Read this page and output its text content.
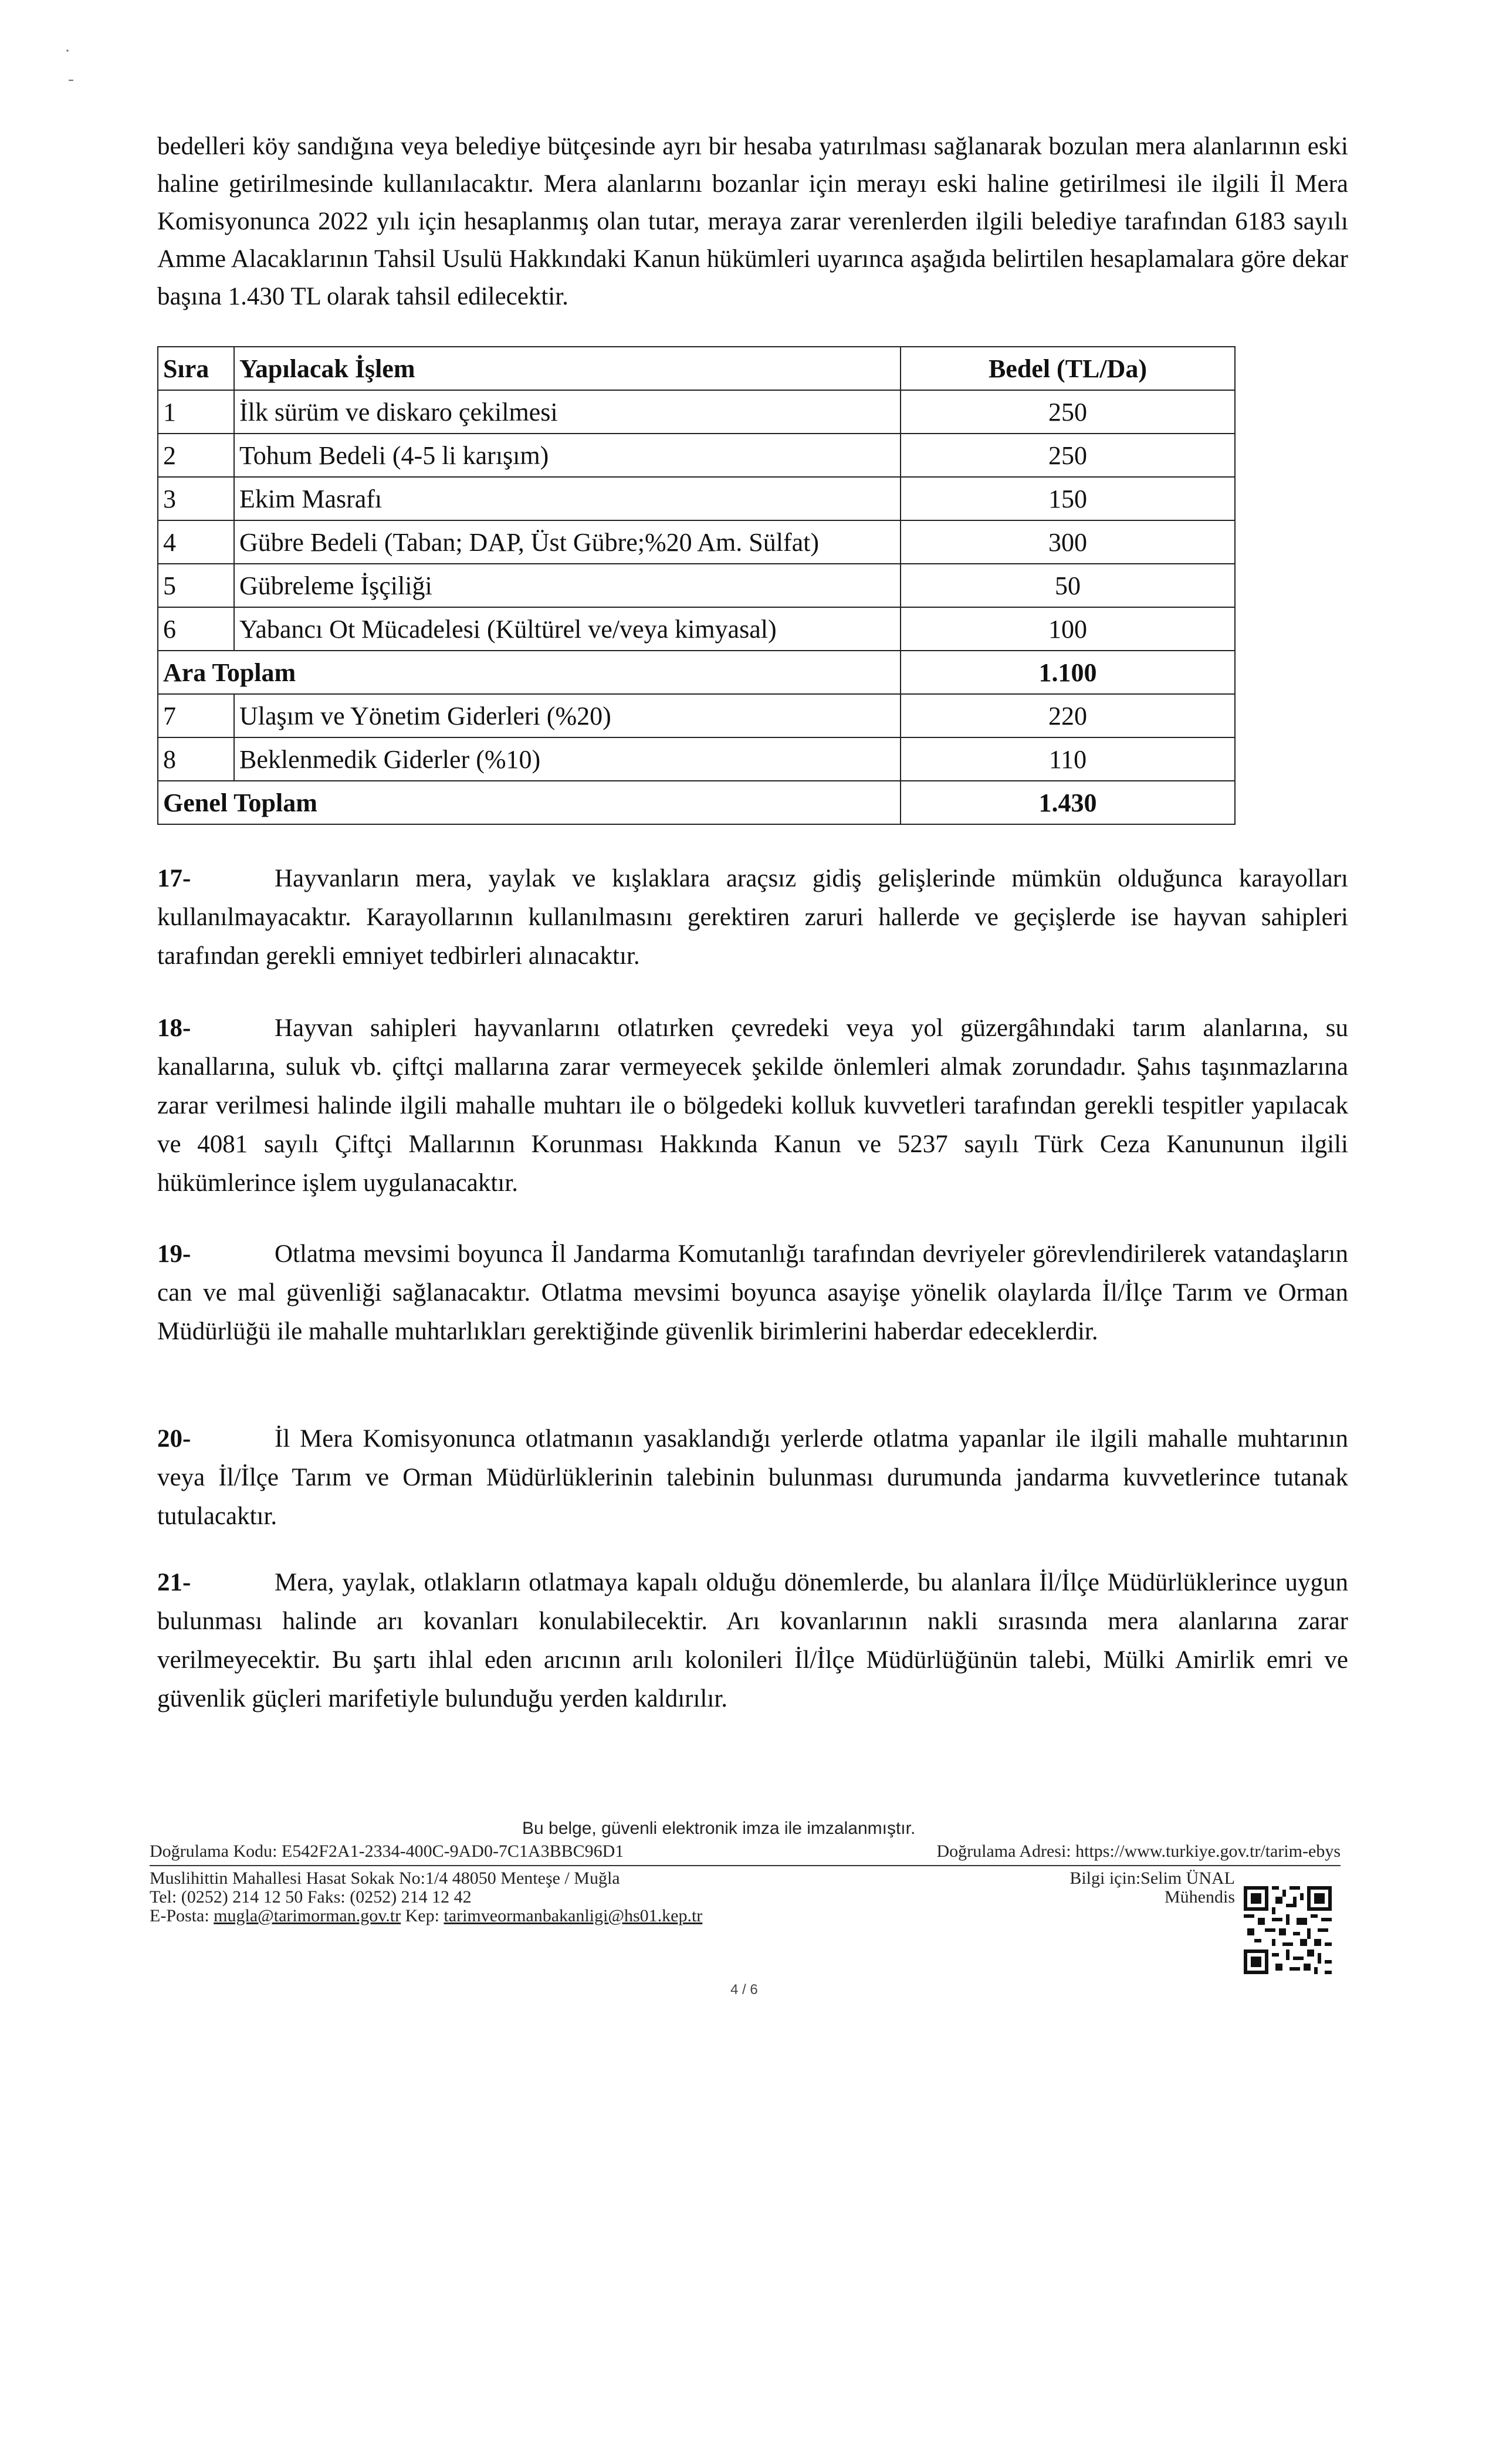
·
‑

bedelleri köy sandığına veya belediye bütçesinde ayrı bir hesaba yatırılması sağlanarak bozulan mera alanlarının eski haline getirilmesinde kullanılacaktır. Mera alanlarını bozanlar için merayı eski haline getirilmesi ile ilgili İl Mera Komisyonunca 2022 yılı için hesaplanmış olan tutar, meraya zarar verenlerden ilgili belediye tarafından 6183 sayılı Amme Alacaklarının Tahsil Usulü Hakkındaki Kanun hükümleri uyarınca aşağıda belirtilen hesaplamalara göre dekar başına 1.430 TL olarak tahsil edilecektir.

Sıra	Yapılacak İşlem	Bedel (TL/Da)
1	İlk sürüm ve diskaro çekilmesi	250
2	Tohum Bedeli (4-5 li karışım)	250
3	Ekim Masrafı	150
4	Gübre Bedeli (Taban; DAP, Üst Gübre;%20 Am. Sülfat)	300
5	Gübreleme İşçiliği	50
6	Yabancı Ot Mücadelesi (Kültürel ve/veya kimyasal)	100
Ara Toplam		1.100
7	Ulaşım ve Yönetim Giderleri (%20)	220
8	Beklenmedik Giderler (%10)	110
Genel Toplam		1.430

17-	Hayvanların mera, yaylak ve kışlaklara araçsız gidiş gelişlerinde mümkün olduğunca karayolları kullanılmayacaktır. Karayollarının kullanılmasını gerektiren zaruri hallerde ve geçişlerde ise hayvan sahipleri tarafından gerekli emniyet tedbirleri alınacaktır.

18-	Hayvan sahipleri hayvanlarını otlatırken çevredeki veya yol güzergâhındaki tarım alanlarına, su kanallarına, suluk vb. çiftçi mallarına zarar vermeyecek şekilde önlemleri almak zorundadır. Şahıs taşınmazlarına zarar verilmesi halinde ilgili mahalle muhtarı ile o bölgedeki kolluk kuvvetleri tarafından gerekli tespitler yapılacak ve 4081 sayılı Çiftçi Mallarının Korunması Hakkında Kanun ve 5237 sayılı Türk Ceza Kanununun ilgili hükümlerince işlem uygulanacaktır.

19-	Otlatma mevsimi boyunca İl Jandarma Komutanlığı tarafından devriyeler görevlendirilerek vatandaşların can ve mal güvenliği sağlanacaktır. Otlatma mevsimi boyunca asayişe yönelik olaylarda İl/İlçe Tarım ve Orman Müdürlüğü ile mahalle muhtarlıkları gerektiğinde güvenlik birimlerini haberdar edeceklerdir.

20-	İl Mera Komisyonunca otlatmanın yasaklandığı yerlerde otlatma yapanlar ile ilgili mahalle muhtarının veya İl/İlçe Tarım ve Orman Müdürlüklerinin talebinin bulunması durumunda jandarma kuvvetlerince tutanak tutulacaktır.

21-	Mera, yaylak, otlakların otlatmaya kapalı olduğu dönemlerde, bu alanlara İl/İlçe Müdürlüklerince uygun bulunması halinde arı kovanları konulabilecektir. Arı kovanlarının nakli sırasında mera alanlarına zarar verilmeyecektir. Bu şartı ihlal eden arıcının arılı kolonileri İl/İlçe Müdürlüğünün talebi, Mülki Amirlik emri ve güvenlik güçleri marifetiyle bulunduğu yerden kaldırılır.

Bu belge, güvenli elektronik imza ile imzalanmıştır.
Doğrulama Kodu: E542F2A1-2334-400C-9AD0-7C1A3BBC96D1	Doğrulama Adresi: https://www.turkiye.gov.tr/tarim-ebys
Muslihittin Mahallesi Hasat Sokak No:1/4 48050 Menteşe / Muğla	Bilgi için:Selim ÜNAL
Tel: (0252) 214 12 50 Faks: (0252) 214 12 42	Mühendis
E-Posta: mugla@tarimorman.gov.tr Kep: tarimveormanbakanligi@hs01.kep.tr
4 / 6
